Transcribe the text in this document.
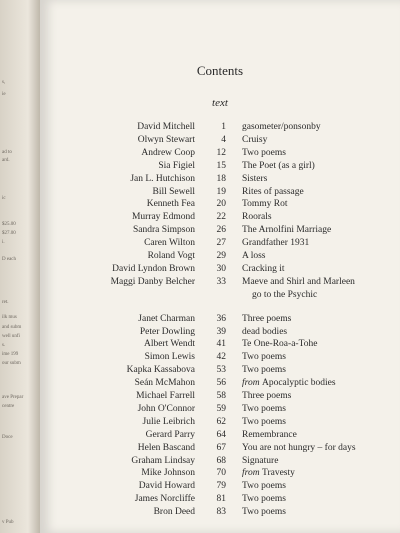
s,
ie
ad to
ard.
ic
$25.00
$27.00
i.
D each
ret.
ilk mus
and subm
well unfi
s.
ime 199
our subm
ave Prepar
centre
Doce
v Pub
Contents
text
David Mitchell	1 gasometer/ponsonby
Olwyn Stewart	4 Cruisy
Andrew Coop	12 Two poems
Sia Figiel	15 The Poet (as a girl)
Jan L. Hutchison	18 Sisters
Bill Sewell	19 Rites of passage
Kenneth Fea	20 Tommy Rot
Murray Edmond	22 Roorals
Sandra Simpson	26 The Arnolfini Marriage
Caren Wilton	27 Grandfather 1931
Roland Vogt	29 A loss
David Lyndon Brown	30 Cracking it
Maggi Danby Belcher	33 Maeve and Shirl and Marleen
go to the Psychic
Janet Charman	36 Three poems
Peter Dowling	39 dead bodies
Albert Wendt	41 Te One-Roa-a-Tohe
Simon Lewis	42 Two poems
Kapka Kassabova	53 Two poems
Seán McMahon	56 from Apocalyptic bodies
Michael Farrell	58 Three poems
John O'Connor	59 Two poems
Julie Leibrich	62 Two poems
Gerard Parry	64 Remembrance
Helen Bascand	67 You are not hungry – for days
Graham Lindsay	68 Signature
Mike Johnson	70 from Travesty
David Howard	79 Two poems
James Norcliffe	81 Two poems
Bron Deed	83 Two poems
